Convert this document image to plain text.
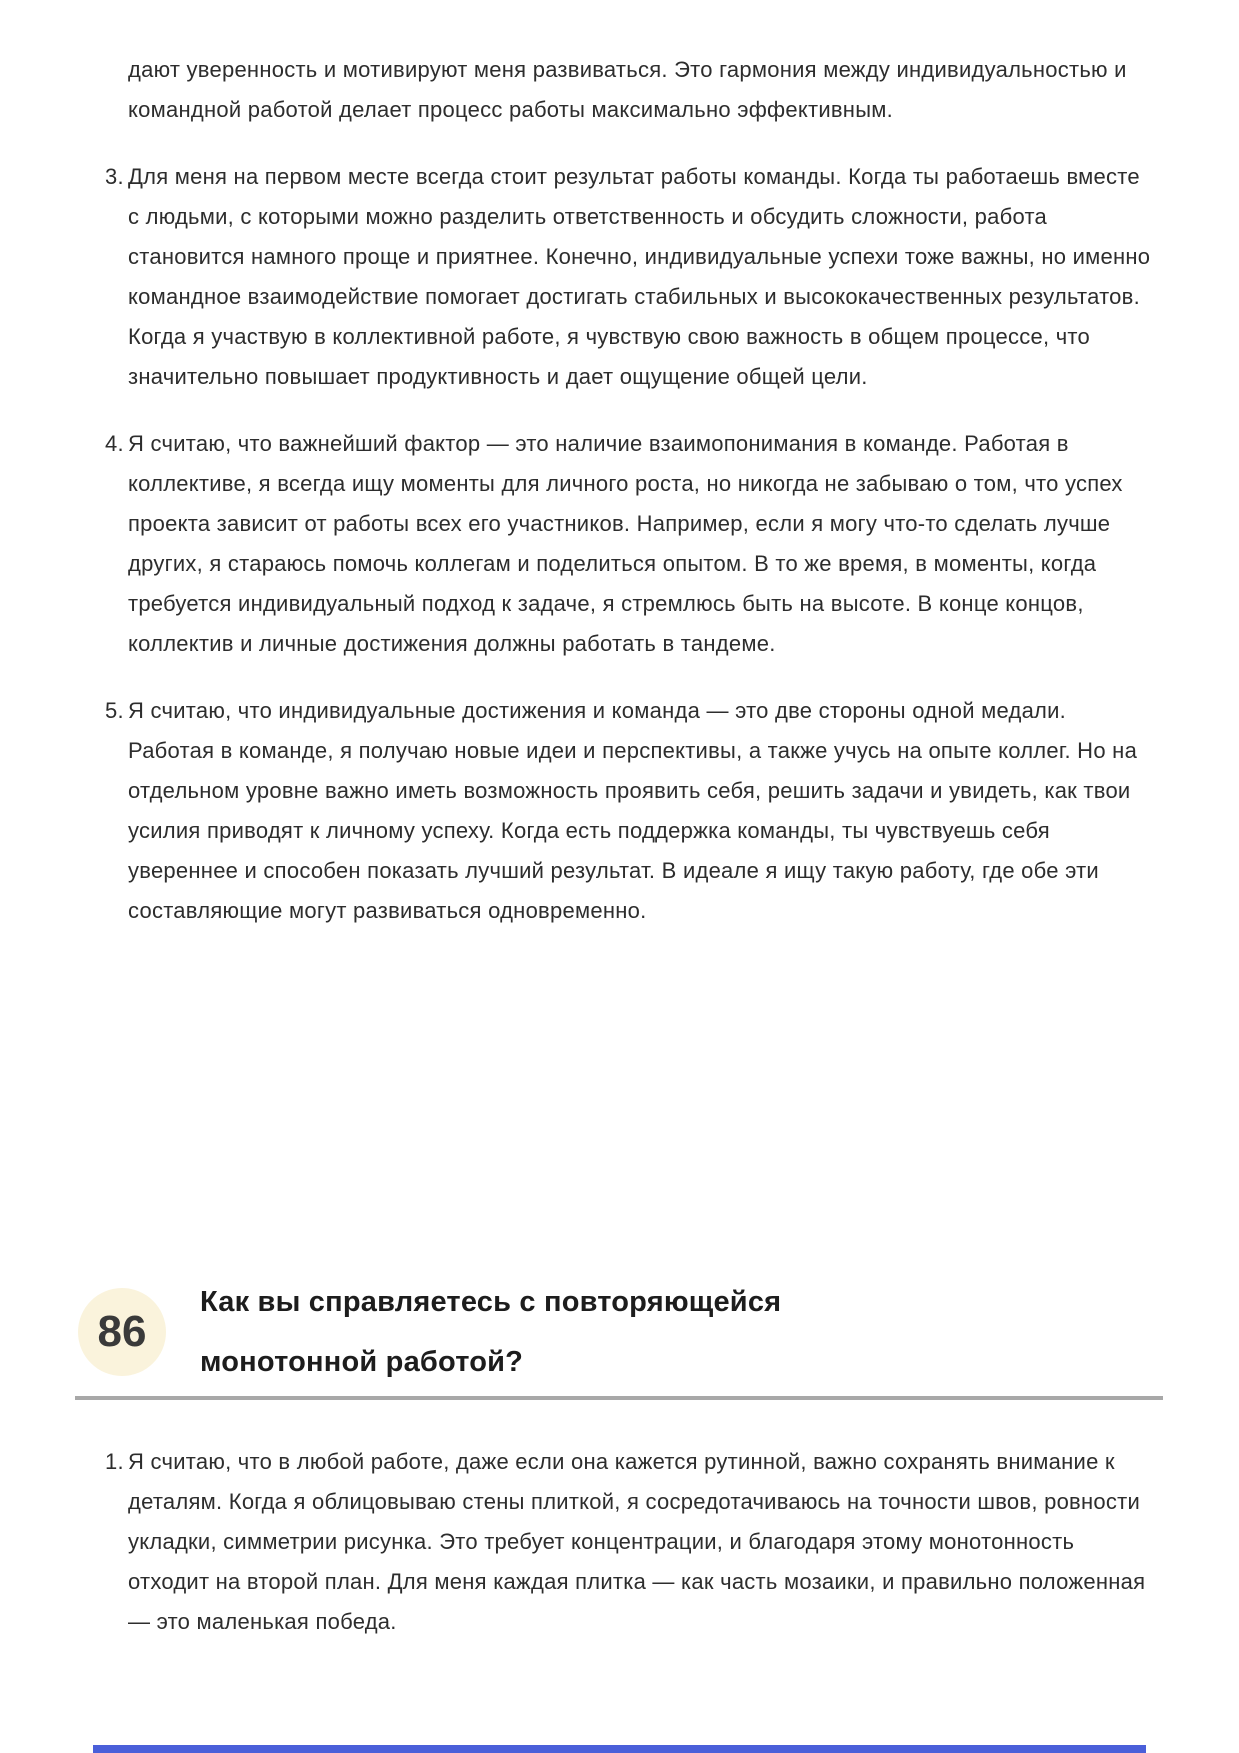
дают уверенность и мотивируют меня развиваться. Это гармония между индивидуальностью и командной работой делает процесс работы максимально эффективным.

3. Для меня на первом месте всегда стоит результат работы команды. Когда ты работаешь вместе с людьми, с которыми можно разделить ответственность и обсудить сложности, работа становится намного проще и приятнее. Конечно, индивидуальные успехи тоже важны, но именно командное взаимодействие помогает достигать стабильных и высококачественных результатов. Когда я участвую в коллективной работе, я чувствую свою важность в общем процессе, что значительно повышает продуктивность и дает ощущение общей цели.
4. Я считаю, что важнейший фактор — это наличие взаимопонимания в команде. Работая в коллективе, я всегда ищу моменты для личного роста, но никогда не забываю о том, что успех проекта зависит от работы всех его участников. Например, если я могу что-то сделать лучше других, я стараюсь помочь коллегам и поделиться опытом. В то же время, в моменты, когда требуется индивидуальный подход к задаче, я стремлюсь быть на высоте. В конце концов, коллектив и личные достижения должны работать в тандеме.
5. Я считаю, что индивидуальные достижения и команда — это две стороны одной медали. Работая в команде, я получаю новые идеи и перспективы, а также учусь на опыте коллег. Но на отдельном уровне важно иметь возможность проявить себя, решить задачи и увидеть, как твои усилия приводят к личному успеху. Когда есть поддержка команды, ты чувствуешь себя увереннее и способен показать лучший результат. В идеале я ищу такую работу, где обе эти составляющие могут развиваться одновременно.
86
Как вы справляетесь с повторяющейся
монотонной работой?
1. Я считаю, что в любой работе, даже если она кажется рутинной, важно сохранять внимание к деталям. Когда я облицовываю стены плиткой, я сосредотачиваюсь на точности швов, ровности укладки, симметрии рисунка. Это требует концентрации, и благодаря этому монотонность отходит на второй план. Для меня каждая плитка — как часть мозаики, и правильно положенная — это маленькая победа.
